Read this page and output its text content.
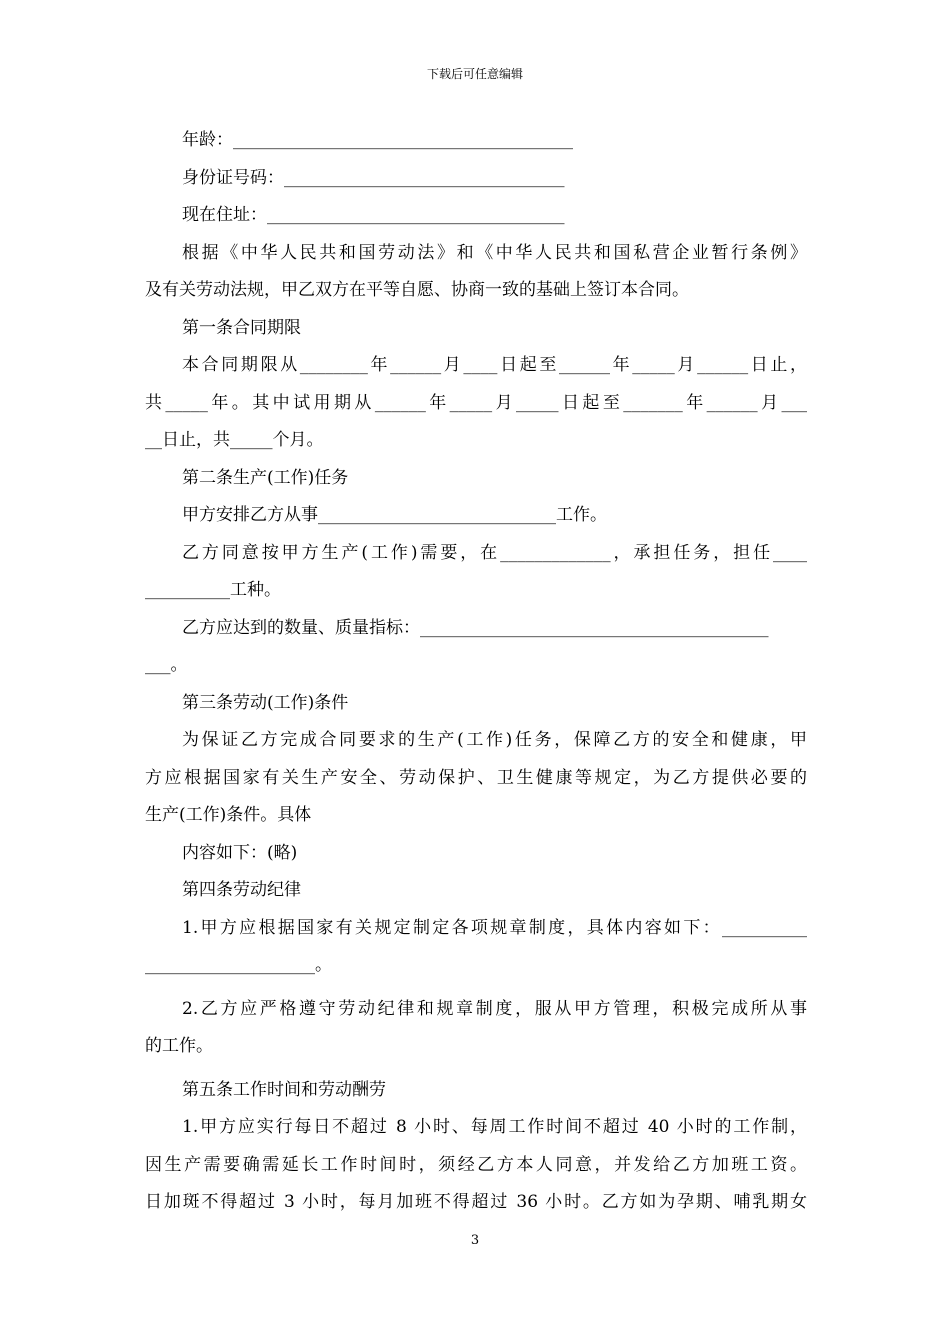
下载后可任意编辑
年龄：________________________________________
身份证号码：_________________________________
现在住址：___________________________________
根据《中华人民共和国劳动法》和《中华人民共和国私营企业暂行条例》
及有关劳动法规，甲乙双方在平等自愿、协商一致的基础上签订本合同。
第一条合同期限
本合同期限从________年______月____日起至______年_____月______日止，
共_____年。其中试用期从______年_____月_____日起至_______年______月___
__日止，共_____个月。
第二条生产(工作)任务
甲方安排乙方从事____________________________工作。
乙方同意按甲方生产(工作)需要，在_____________，承担任务，担任____
__________工种。
乙方应达到的数量、质量指标：_________________________________________
___。
第三条劳动(工作)条件
为保证乙方完成合同要求的生产(工作)任务，保障乙方的安全和健康，甲
方应根据国家有关生产安全、劳动保护、卫生健康等规定，为乙方提供必要的
生产(工作)条件。具体
内容如下：(略)
第四条劳动纪律
1.甲方应根据国家有关规定制定各项规章制度，具体内容如下：__________
____________________。
2.乙方应严格遵守劳动纪律和规章制度，服从甲方管理，积极完成所从事
的工作。
第五条工作时间和劳动酬劳
1.甲方应实行每日不超过 8 小时、每周工作时间不超过 40 小时的工作制，
因生产需要确需延长工作时间时，须经乙方本人同意，并发给乙方加班工资。
日加斑不得超过 3 小时，每月加班不得超过 36 小时。乙方如为孕期、哺乳期女
3
